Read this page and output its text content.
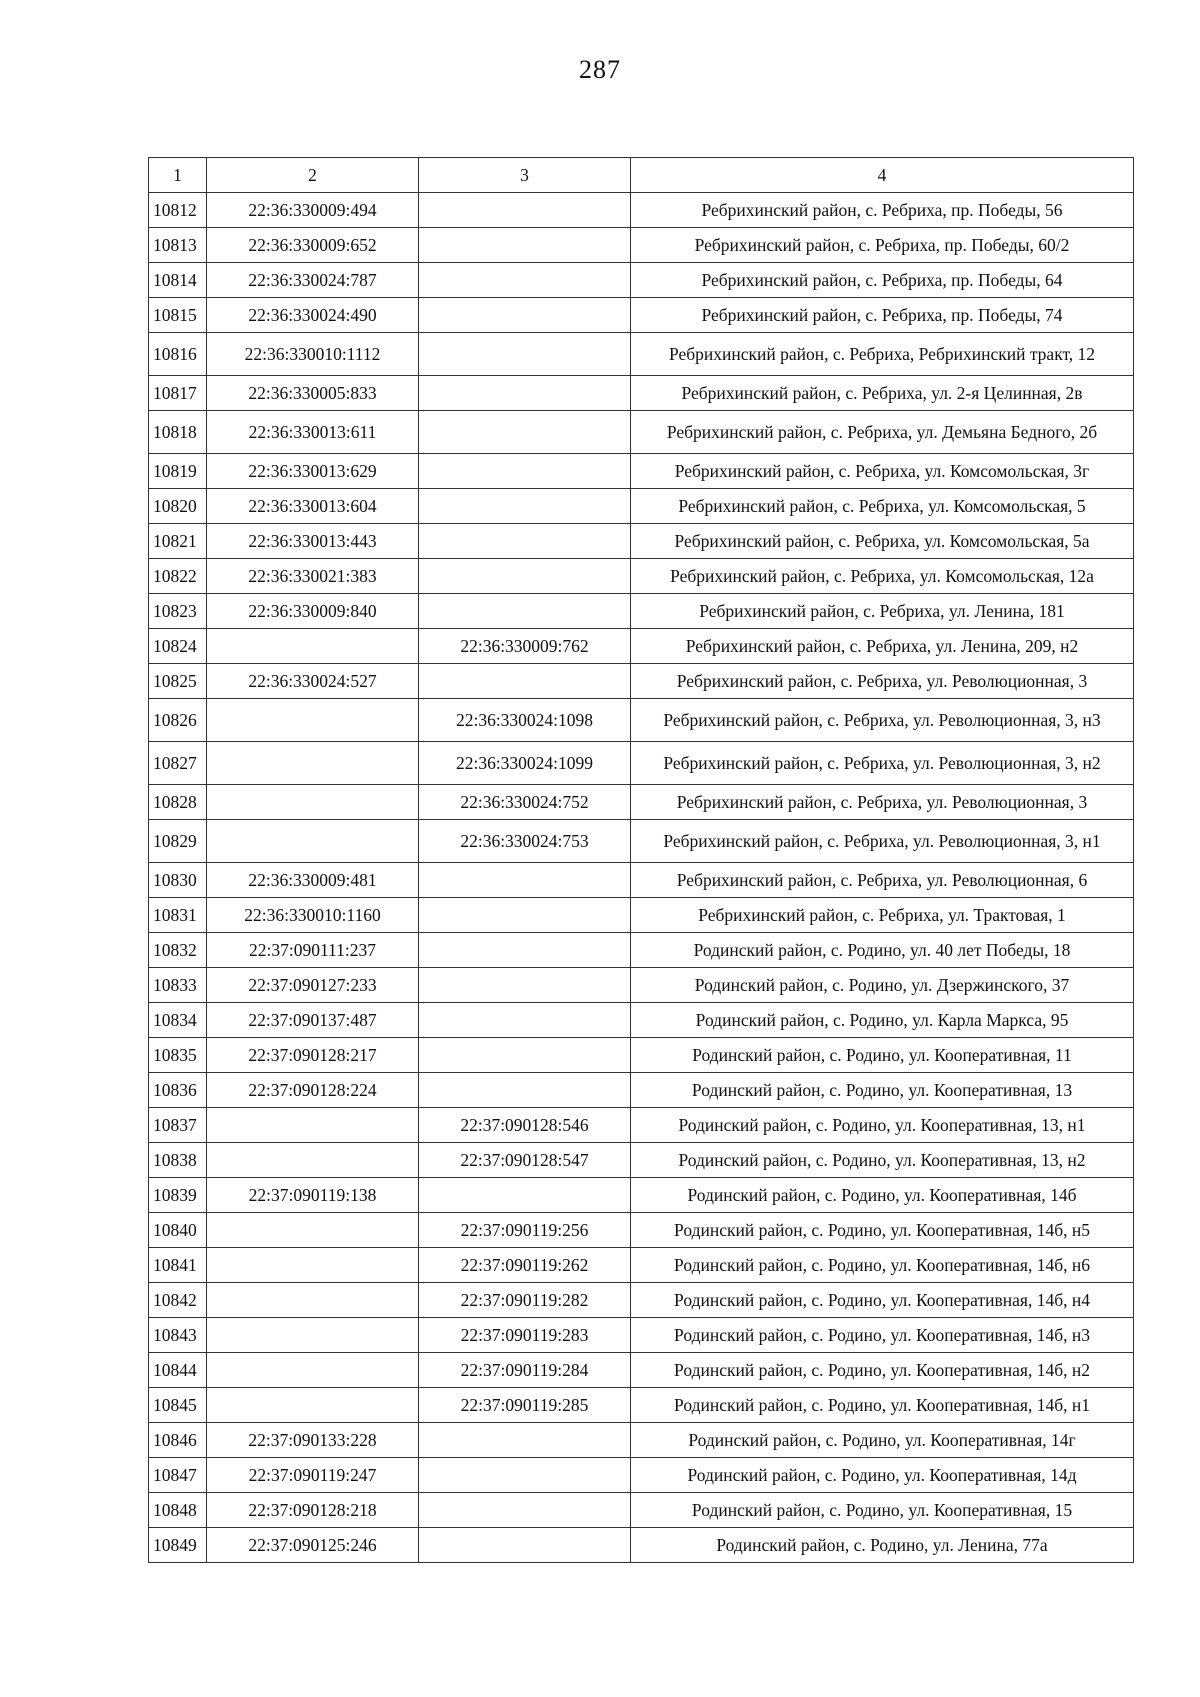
287
1	2	3	4
10812	22:36:330009:494		Ребрихинский район, с. Ребриха, пр. Победы, 56
10813	22:36:330009:652		Ребрихинский район, с. Ребриха, пр. Победы, 60/2
10814	22:36:330024:787		Ребрихинский район, с. Ребриха, пр. Победы, 64
10815	22:36:330024:490		Ребрихинский район, с. Ребриха, пр. Победы, 74
10816	22:36:330010:1112		Ребрихинский район, с. Ребриха, Ребрихинский тракт, 12
10817	22:36:330005:833		Ребрихинский район, с. Ребриха, ул. 2-я Целинная, 2в
10818	22:36:330013:611		Ребрихинский район, с. Ребриха, ул. Демьяна Бедного, 2б
10819	22:36:330013:629		Ребрихинский район, с. Ребриха, ул. Комсомольская, 3г
10820	22:36:330013:604		Ребрихинский район, с. Ребриха, ул. Комсомольская, 5
10821	22:36:330013:443		Ребрихинский район, с. Ребриха, ул. Комсомольская, 5а
10822	22:36:330021:383		Ребрихинский район, с. Ребриха, ул. Комсомольская, 12а
10823	22:36:330009:840		Ребрихинский район, с. Ребриха, ул. Ленина, 181
10824		22:36:330009:762	Ребрихинский район, с. Ребриха, ул. Ленина, 209, н2
10825	22:36:330024:527		Ребрихинский район, с. Ребриха, ул. Революционная, 3
10826		22:36:330024:1098	Ребрихинский район, с. Ребриха, ул. Революционная, 3, н3
10827		22:36:330024:1099	Ребрихинский район, с. Ребриха, ул. Революционная, 3, н2
10828		22:36:330024:752	Ребрихинский район, с. Ребриха, ул. Революционная, 3
10829		22:36:330024:753	Ребрихинский район, с. Ребриха, ул. Революционная, 3, н1
10830	22:36:330009:481		Ребрихинский район, с. Ребриха, ул. Революционная, 6
10831	22:36:330010:1160		Ребрихинский район, с. Ребриха, ул. Трактовая, 1
10832	22:37:090111:237		Родинский район, с. Родино, ул. 40 лет Победы, 18
10833	22:37:090127:233		Родинский район, с. Родино, ул. Дзержинского, 37
10834	22:37:090137:487		Родинский район, с. Родино, ул. Карла Маркса, 95
10835	22:37:090128:217		Родинский район, с. Родино, ул. Кооперативная, 11
10836	22:37:090128:224		Родинский район, с. Родино, ул. Кооперативная, 13
10837		22:37:090128:546	Родинский район, с. Родино, ул. Кооперативная, 13, н1
10838		22:37:090128:547	Родинский район, с. Родино, ул. Кооперативная, 13, н2
10839	22:37:090119:138		Родинский район, с. Родино, ул. Кооперативная, 14б
10840		22:37:090119:256	Родинский район, с. Родино, ул. Кооперативная, 14б, н5
10841		22:37:090119:262	Родинский район, с. Родино, ул. Кооперативная, 14б, н6
10842		22:37:090119:282	Родинский район, с. Родино, ул. Кооперативная, 14б, н4
10843		22:37:090119:283	Родинский район, с. Родино, ул. Кооперативная, 14б, н3
10844		22:37:090119:284	Родинский район, с. Родино, ул. Кооперативная, 14б, н2
10845		22:37:090119:285	Родинский район, с. Родино, ул. Кооперативная, 14б, н1
10846	22:37:090133:228		Родинский район, с. Родино, ул. Кооперативная, 14г
10847	22:37:090119:247		Родинский район, с. Родино, ул. Кооперативная, 14д
10848	22:37:090128:218		Родинский район, с. Родино, ул. Кооперативная, 15
10849	22:37:090125:246		Родинский район, с. Родино, ул. Ленина, 77а
